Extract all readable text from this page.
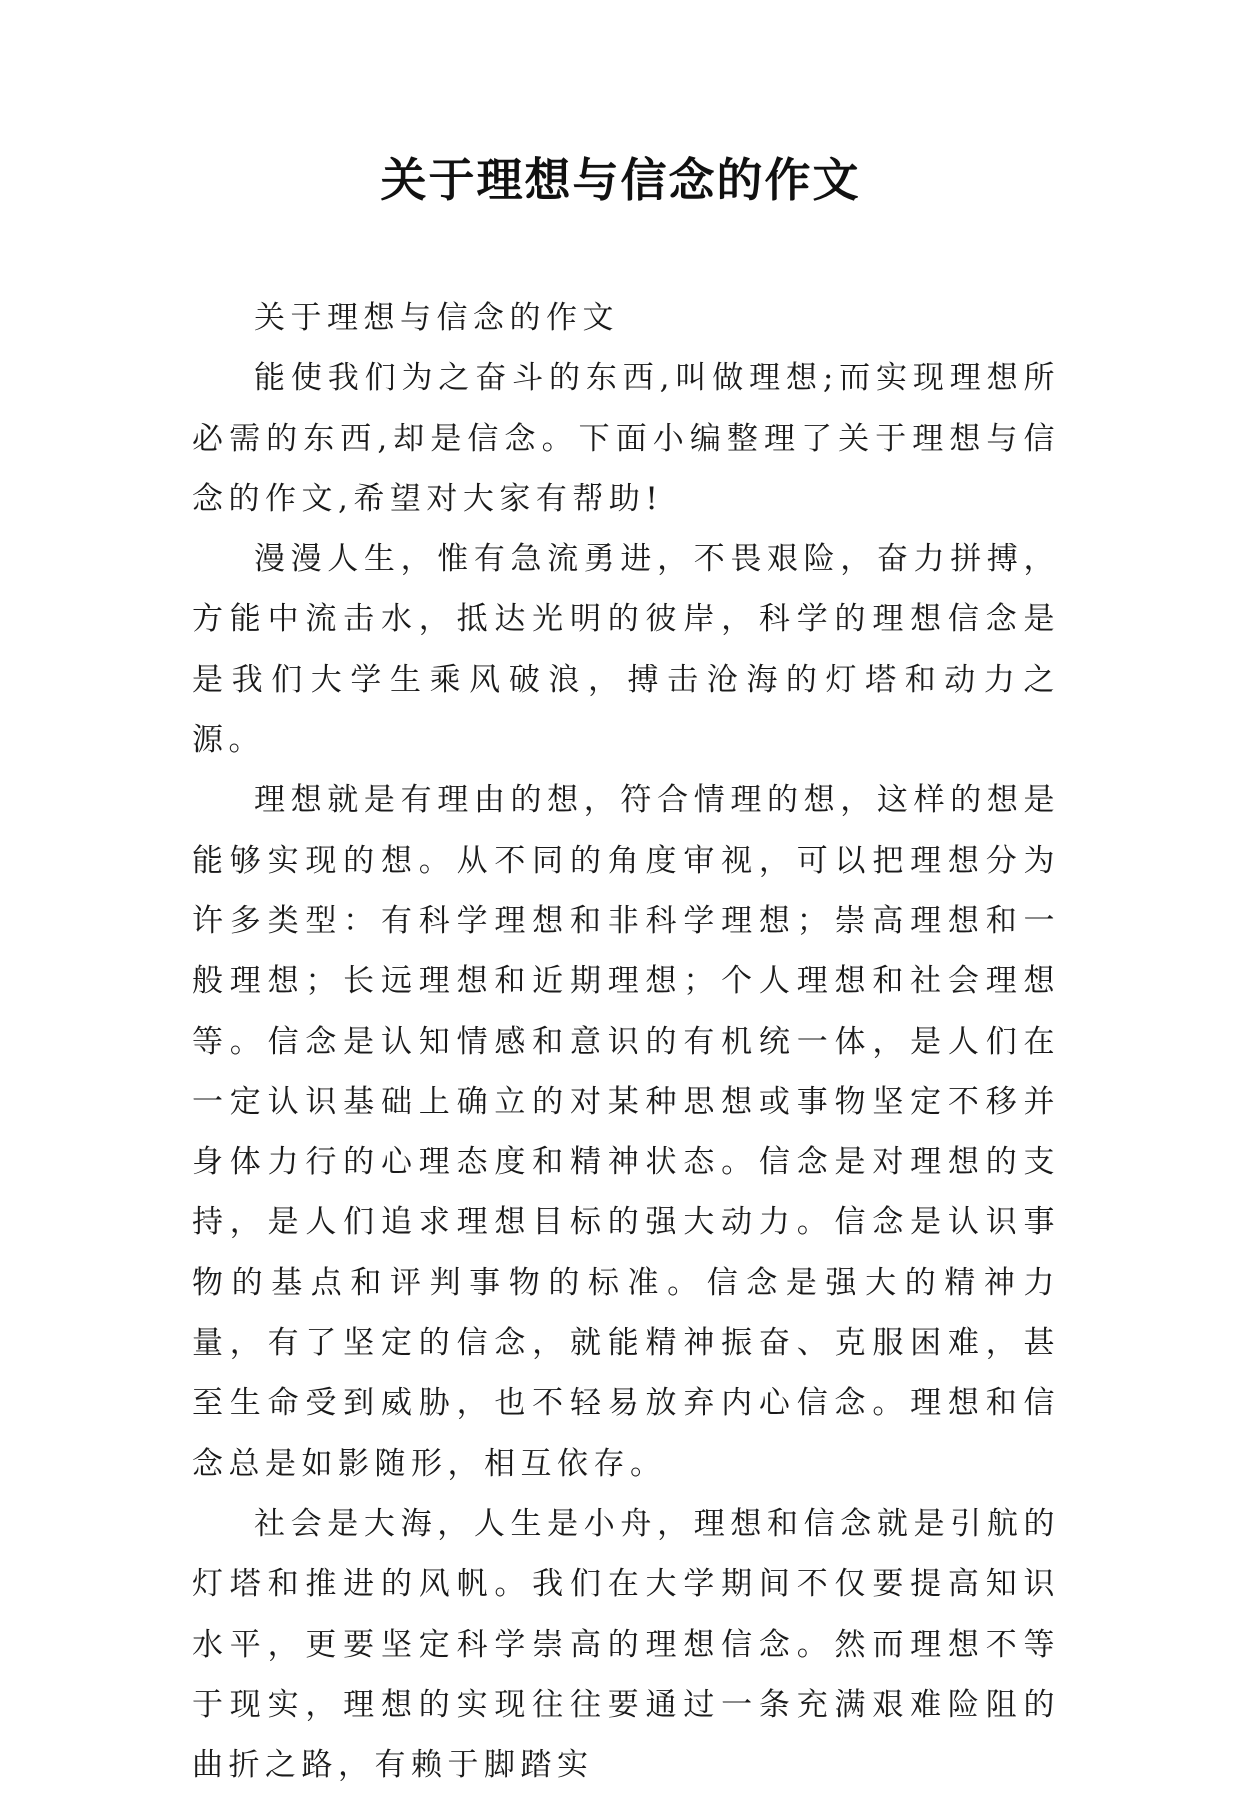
关于理想与信念的作文

关于理想与信念的作文

能使我们为之奋斗的东西,叫做理想;而实现理想所必需的东西,却是信念。下面小编整理了关于理想与信念的作文,希望对大家有帮助!

漫漫人生，惟有急流勇进，不畏艰险，奋力拼搏，方能中流击水，抵达光明的彼岸，科学的理想信念是是我们大学生乘风破浪，搏击沧海的灯塔和动力之源。

理想就是有理由的想，符合情理的想，这样的想是能够实现的想。从不同的角度审视，可以把理想分为许多类型：有科学理想和非科学理想；崇高理想和一般理想；长远理想和近期理想；个人理想和社会理想等。信念是认知情感和意识的有机统一体，是人们在一定认识基础上确立的对某种思想或事物坚定不移并身体力行的心理态度和精神状态。信念是对理想的支持，是人们追求理想目标的强大动力。信念是认识事物的基点和评判事物的标准。信念是强大的精神力量，有了坚定的信念，就能精神振奋、克服困难，甚至生命受到威胁，也不轻易放弃内心信念。理想和信念总是如影随形，相互依存。

社会是大海，人生是小舟，理想和信念就是引航的灯塔和推进的风帆。我们在大学期间不仅要提高知识水平，更要坚定科学崇高的理想信念。然而理想不等于现实，理想的实现往往要通过一条充满艰难险阻的曲折之路，有赖于脚踏实
